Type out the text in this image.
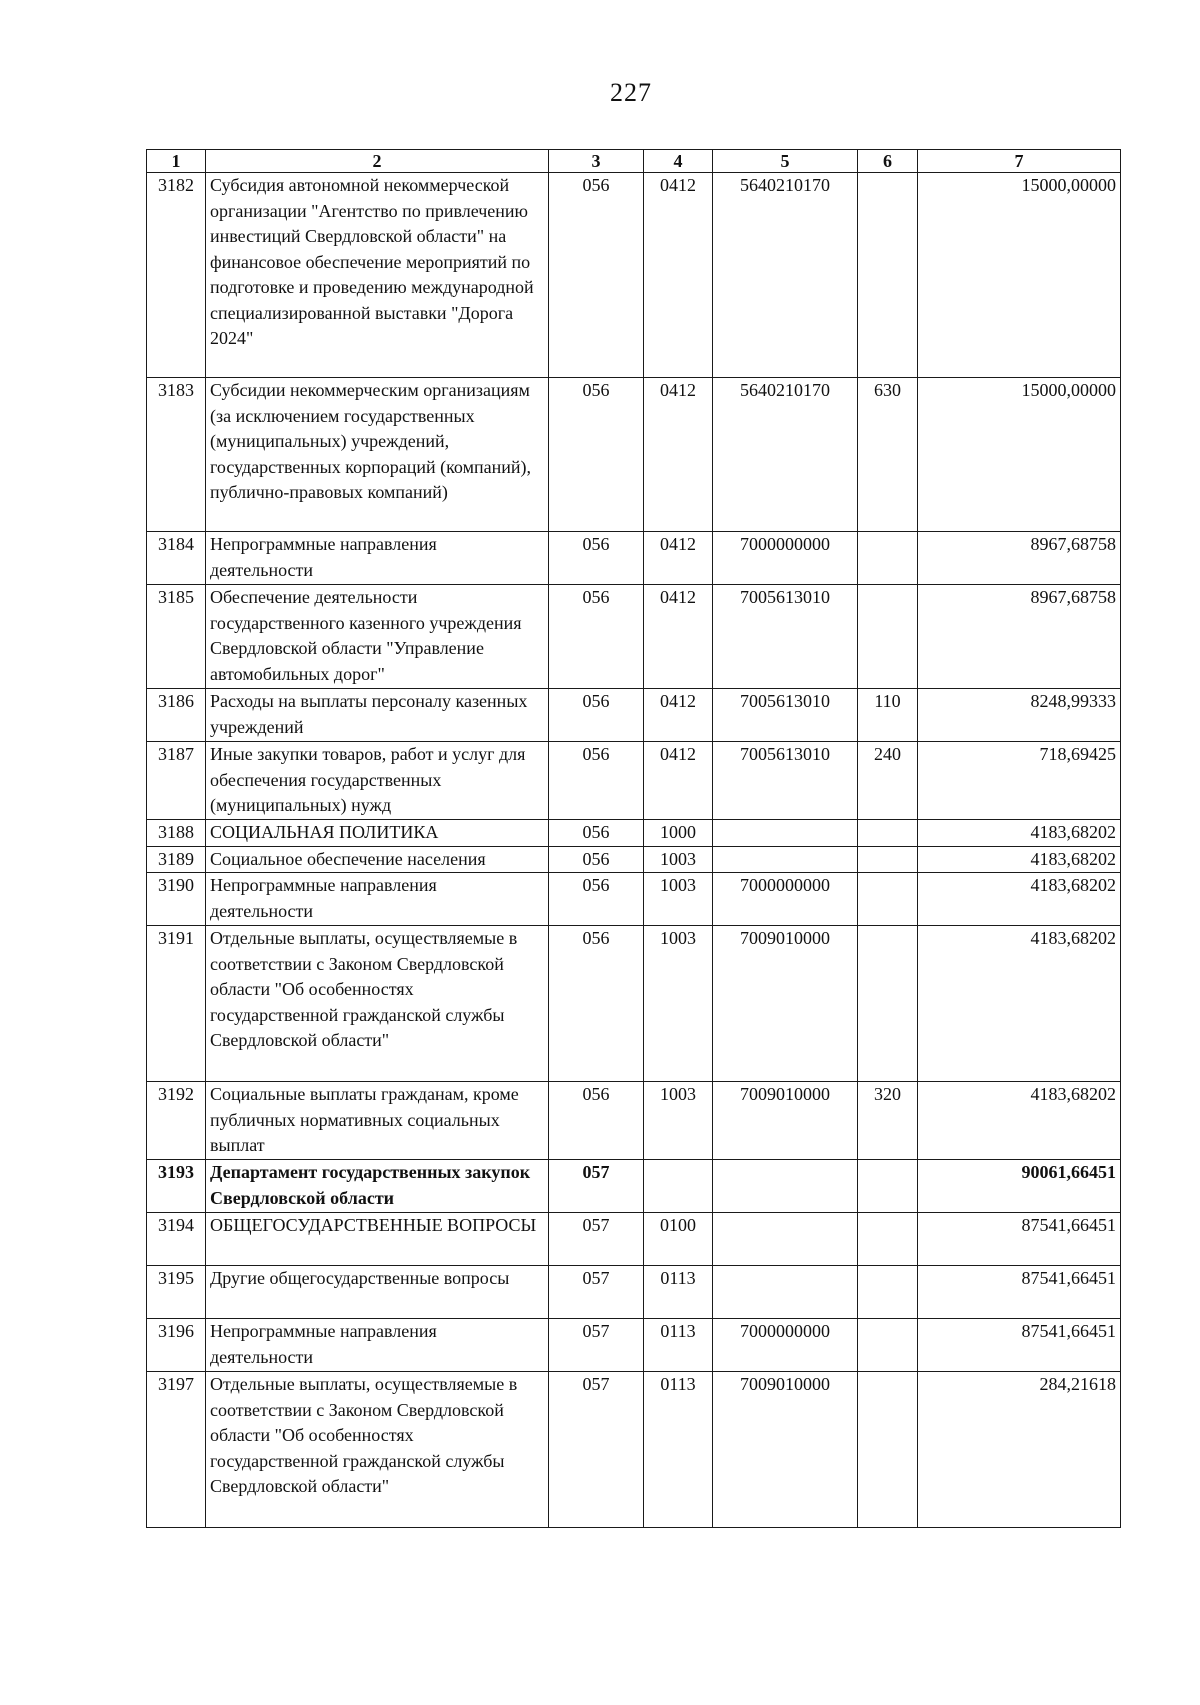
227
1	2	3	4	5	6	7
3182	Субсидия автономной некоммерческой организации "Агентство по привлечению инвестиций Свердловской области" на финансовое обеспечение мероприятий по подготовке и проведению международной специализированной выставки "Дорога 2024"	056	0412	5640210170		15000,00000
3183	Субсидии некоммерческим организациям (за исключением государственных (муниципальных) учреждений, государственных корпораций (компаний), публично-правовых компаний)	056	0412	5640210170	630	15000,00000
3184	Непрограммные направления деятельности	056	0412	7000000000		8967,68758
3185	Обеспечение деятельности государственного казенного учреждения Свердловской области "Управление автомобильных дорог"	056	0412	7005613010		8967,68758
3186	Расходы на выплаты персоналу казенных учреждений	056	0412	7005613010	110	8248,99333
3187	Иные закупки товаров, работ и услуг для обеспечения государственных (муниципальных) нужд	056	0412	7005613010	240	718,69425
3188	СОЦИАЛЬНАЯ ПОЛИТИКА	056	1000			4183,68202
3189	Социальное обеспечение населения	056	1003			4183,68202
3190	Непрограммные направления деятельности	056	1003	7000000000		4183,68202
3191	Отдельные выплаты, осуществляемые в соответствии с Законом Свердловской области "Об особенностях государственной гражданской службы Свердловской области"	056	1003	7009010000		4183,68202
3192	Социальные выплаты гражданам, кроме публичных нормативных социальных выплат	056	1003	7009010000	320	4183,68202
3193	Департамент государственных закупок Свердловской области	057				90061,66451
3194	ОБЩЕГОСУДАРСТВЕННЫЕ ВОПРОСЫ	057	0100			87541,66451
3195	Другие общегосударственные вопросы	057	0113			87541,66451
3196	Непрограммные направления деятельности	057	0113	7000000000		87541,66451
3197	Отдельные выплаты, осуществляемые в соответствии с Законом Свердловской области "Об особенностях государственной гражданской службы Свердловской области"	057	0113	7009010000		284,21618
